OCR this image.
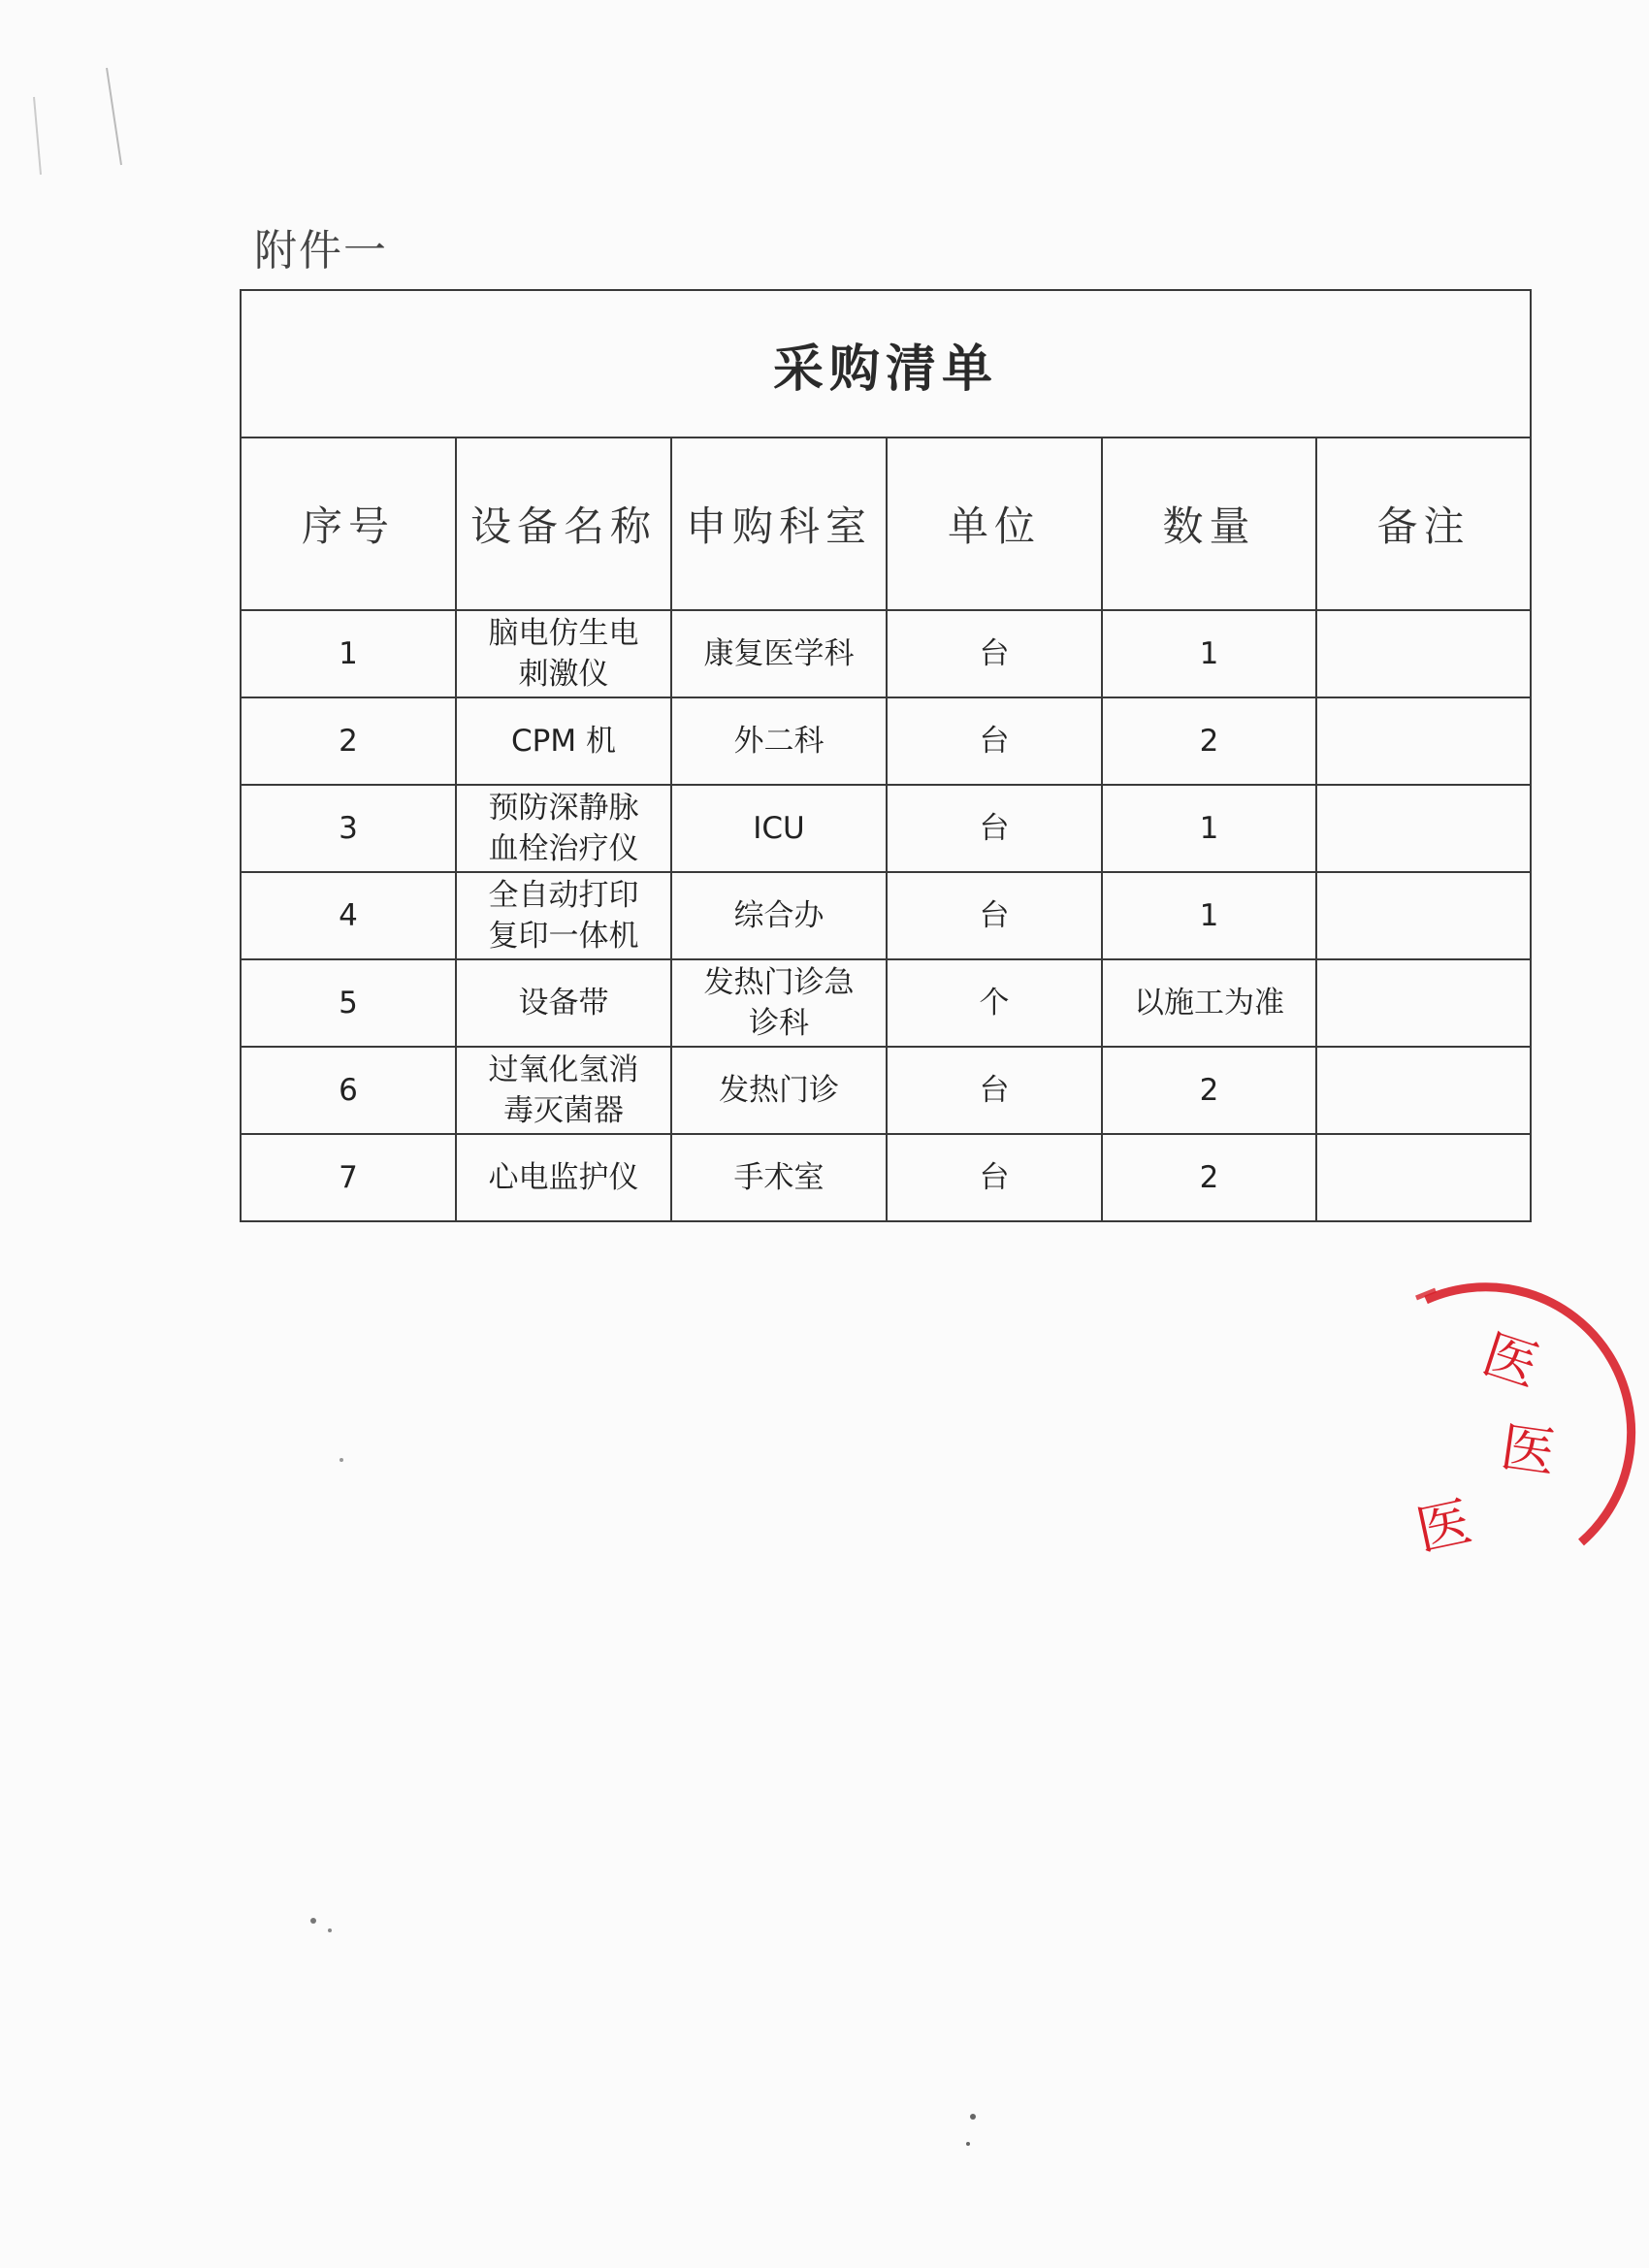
附件一
采购清单					
序号	设备名称	申购科室	单位	数量	备注

1	脑电仿生电刺激仪	康复医学科	台	1	

2	CPM 机	外二科	台	2	

3	预防深静脉血栓治疗仪	ICU	台	1	

4	全自动打印复印一体机	综合办	台	1	

5	设备带	发热门诊急诊科	个	以施工为准	

6	过氧化氢消毒灭菌器	发热门诊	台	2	

7	心电监护仪	手术室	台	2	

医
医
医
